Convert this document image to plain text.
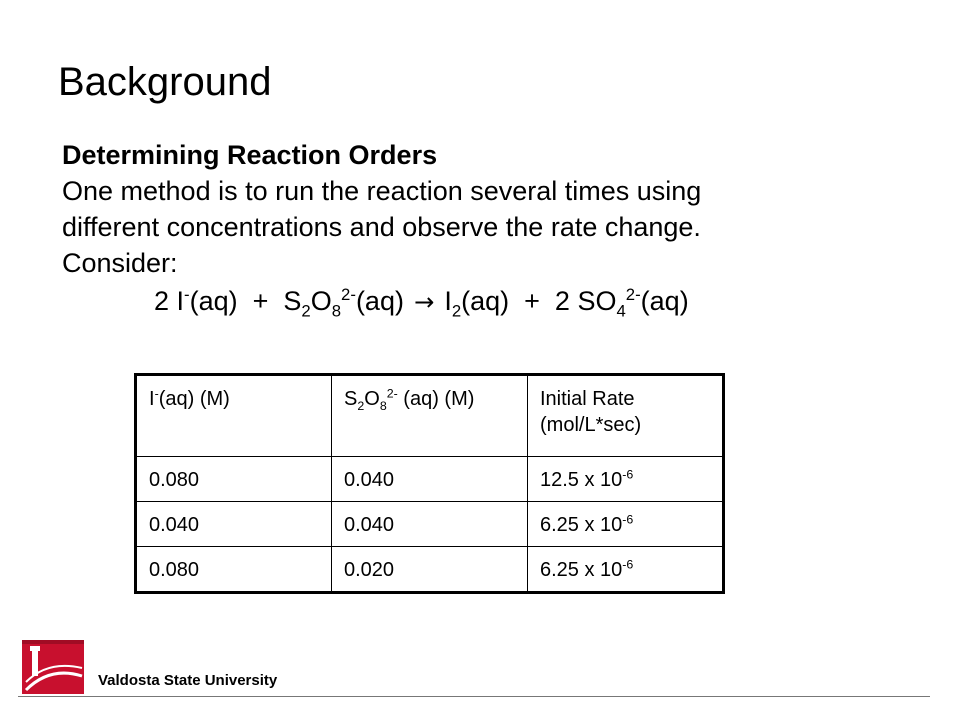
Background
Determining Reaction Orders
One method is to run the reaction several times using
different concentrations and observe the rate change.
Consider:
2 $I^-(aq) + S_2O_8^{2-}(aq) \to I_2(aq) + 2$ $SO_4^{2-}(aq)$
I-(aq) (M)	$S_2O_8^{2-}$ (aq) (M)	Initial Rate
(mol/L*sec)
0.080	0.040	12.5 x $10^{-6}$
0.040	0.040	6.25 x $10^{-6}$
0.080	0.020	6.25 x $10^{-6}$
Valdosta State University
